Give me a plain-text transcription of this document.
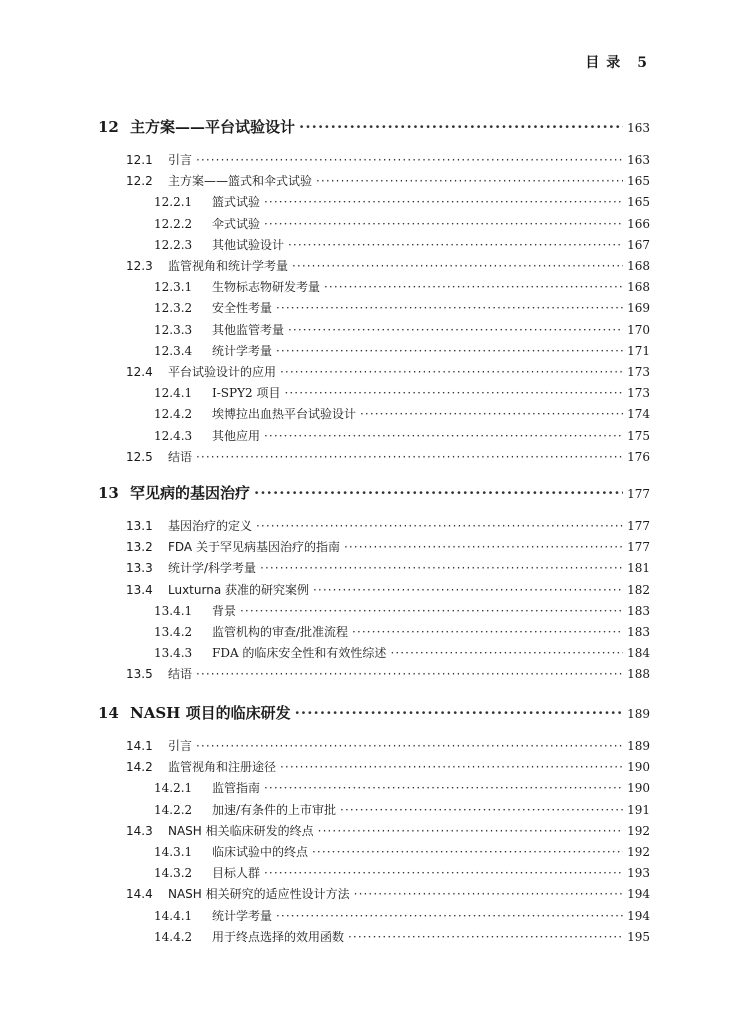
目 录 5
12 主方案——平台试验设计 ·····	163
12.1	引言 ·····	163
12.2	主方案——篮式和伞式试验 ·····	165
12.2.1	篮式试验 ·····	165
12.2.2	伞式试验 ·····	166
12.2.3	其他试验设计 ·····	167
12.3	监管视角和统计学考量 ·····	168
12.3.1	生物标志物研发考量 ·····	168
12.3.2	安全性考量 ·····	169
12.3.3	其他监管考量 ·····	170
12.3.4	统计学考量 ·····	171
12.4	平台试验设计的应用 ·····	173
12.4.1	I-SPY2 项目 ·····	173
12.4.2	埃博拉出血热平台试验设计 ·····	174
12.4.3	其他应用 ·····	175
12.5	结语 ·····	176
13 罕见病的基因治疗 ·····	177
13.1	基因治疗的定义 ·····	177
13.2	FDA 关于罕见病基因治疗的指南 ·····	177
13.3	统计学/科学考量 ·····	181
13.4	Luxturna 获准的研究案例 ·····	182
13.4.1	背景 ·····	183
13.4.2	监管机构的审查/批准流程 ·····	183
13.4.3	FDA 的临床安全性和有效性综述 ·····	184
13.5	结语 ·····	188
14 NASH 项目的临床研发 ·····	189
14.1	引言 ·····	189
14.2	监管视角和注册途径 ·····	190
14.2.1	监管指南 ·····	190
14.2.2	加速/有条件的上市审批 ·····	191
14.3	NASH 相关临床研发的终点 ·····	192
14.3.1	临床试验中的终点 ·····	192
14.3.2	目标人群 ·····	193
14.4	NASH 相关研究的适应性设计方法 ·····	194
14.4.1	统计学考量 ·····	194
14.4.2	用于终点选择的效用函数 ·····	195
